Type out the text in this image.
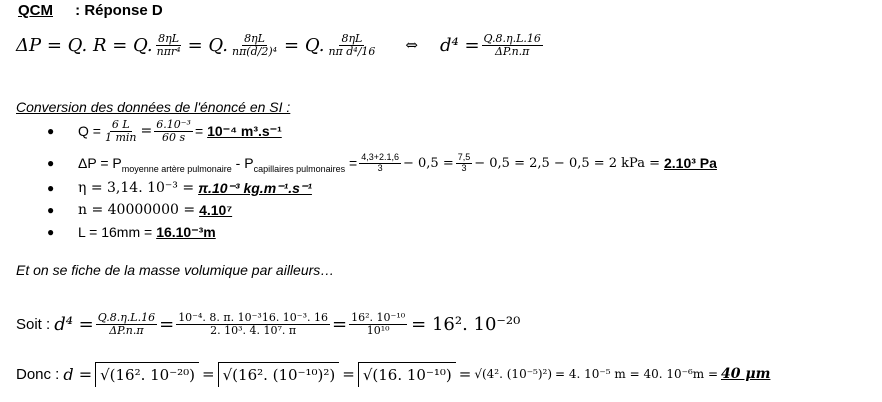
QCM : Réponse D
ΔP = Q. R = Q. $\frac{8\eta L}{\text{nπr⁴}} = Q$. $\frac{8\eta L}{\text{nπ(d/2)⁴}} = Q$. $\frac{8\eta L}{\text{nπ d⁴/16}}$ ⇔ $d^4 = \frac{Q.8.\eta.L.16}{\Delta P.n.\pi}$
Conversion des données de l'énoncé en SI :
● $Q = \frac{6 L}{1 \min} = \frac{\text{6.10⁻³}}{60 s} = 10^{-4}$ m³.s⁻¹
● ΔP = P moyenne artère pulmonaire - P capillaires pulmonaires = $\frac{4,3+2.1,6}{3} - 0,5 = \frac{7,5}{3} - 0,5 = 2,5 - 0,5 = 2$ kPa = 2.10³ Pa
● η = 3,14. 10⁻³ = π.10⁻³ kg.m⁻¹.s⁻¹
● n = 40000000 = 4.10⁷
● L = 16mm = 16.10⁻³m
Et on se fiche de la masse volumique par ailleurs…
Soit : $d^4 = \frac{Q.8.\eta.L.16}{\Delta P.n.\pi} = \frac{\text{10⁻⁴. 8. π. 10⁻³16. 10⁻³. 16}}{\text{2. 10³. 4. 10⁷. π}} = \frac{\text{16². 10⁻¹⁰}}{\text{10¹⁰}} = 16^2$. 10⁻²⁰
Donc : d = √(16². 10⁻²⁰) = √(16². (10⁻¹⁰)²) = √(16. 10⁻¹⁰) = √(4². (10⁻⁵)²) = 4. 10⁻⁵ m = 40. 10⁻⁶m = 40 μm
